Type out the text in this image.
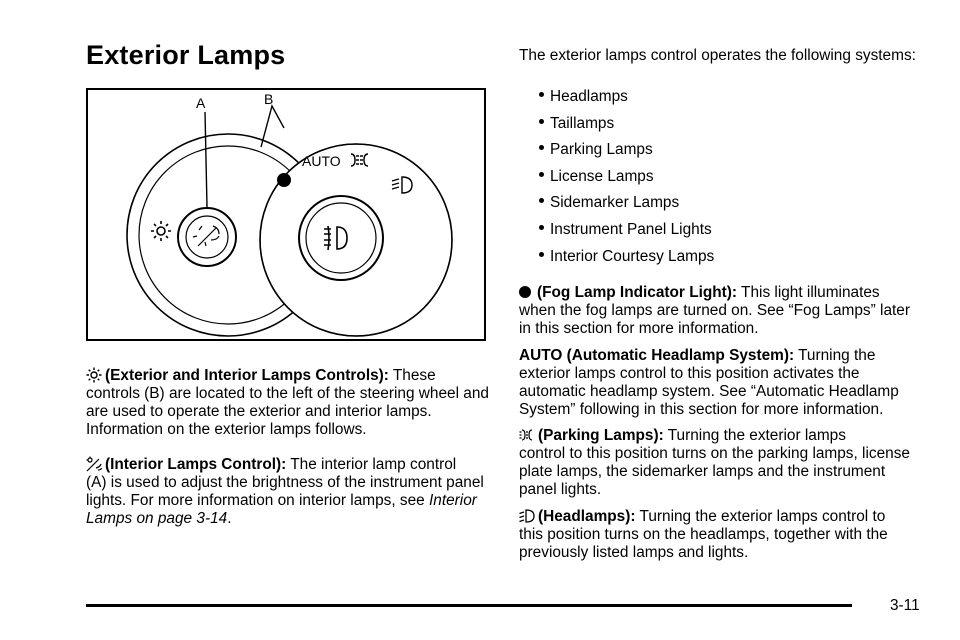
Exterior Lamps
AUTO
A	B
(Exterior and Interior Lamps Controls): These
controls (B) are located to the left of the steering wheel and are used to operate the exterior and interior lamps. Information on the exterior lamps follows.
(Interior Lamps Control): The interior lamp control
(A) is used to adjust the brightness of the instrument panel lights. For more information on interior lamps, see Interior Lamps on page 3-14.
The exterior lamps control operates the following systems:
Headlamps
Taillamps
Parking Lamps
License Lamps
Sidemarker Lamps
Instrument Panel Lights
Interior Courtesy Lamps
(Fog Lamp Indicator Light): This light illuminates
when the fog lamps are turned on. See “Fog Lamps” later in this section for more information.
AUTO (Automatic Headlamp System): Turning the
exterior lamps control to this position activates the automatic headlamp system. See “Automatic Headlamp System” following in this section for more information.
(Parking Lamps): Turning the exterior lamps
control to this position turns on the parking lamps, license plate lamps, the sidemarker lamps and the instrument panel lights.
(Headlamps): Turning the exterior lamps control to
this position turns on the headlamps, together with the previously listed lamps and lights.
3-11
